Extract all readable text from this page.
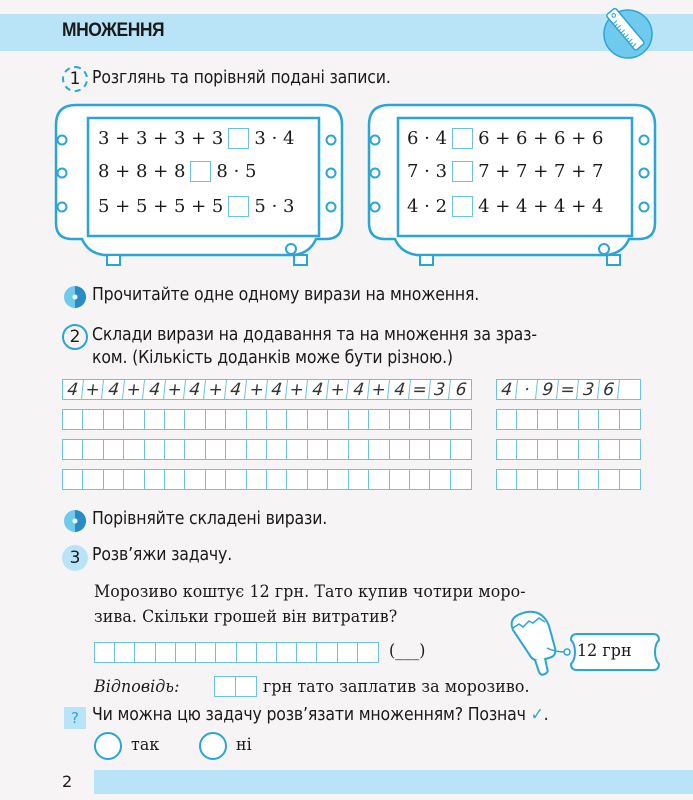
МНОЖЕННЯ
1 Розглянь та порівняй подані записи.
3 + 3 + 3 + 3 3 · 4
8 + 8 + 8 8 · 5
5 + 5 + 5 + 5 5 · 3
6 · 4 6 + 6 + 6 + 6
7 · 3 7 + 7 + 7 + 7
4 · 2 4 + 4 + 4 + 4
Прочитайте одне одному вирази на множення.
2 Склади вирази на додавання та на множення за зраз-
ком. (Кількість доданків може бути різною.)
4 + 4 + 4 + 4 + 4 + 4 + 4 + 4 + 4 = 3 6 4 · 9 = 3 6
Порівняйте складені вирази.
3 Розв’яжи задачу.
Морозиво коштує 12 грн. Тато купив чотири моро-
зива. Скільки грошей він витратив?
(___)	12 грн
Відповідь:	грн тато заплатив за морозиво.
? Чи можна цю задачу розв’язати множенням? Познач ✓.
так	ні
2
